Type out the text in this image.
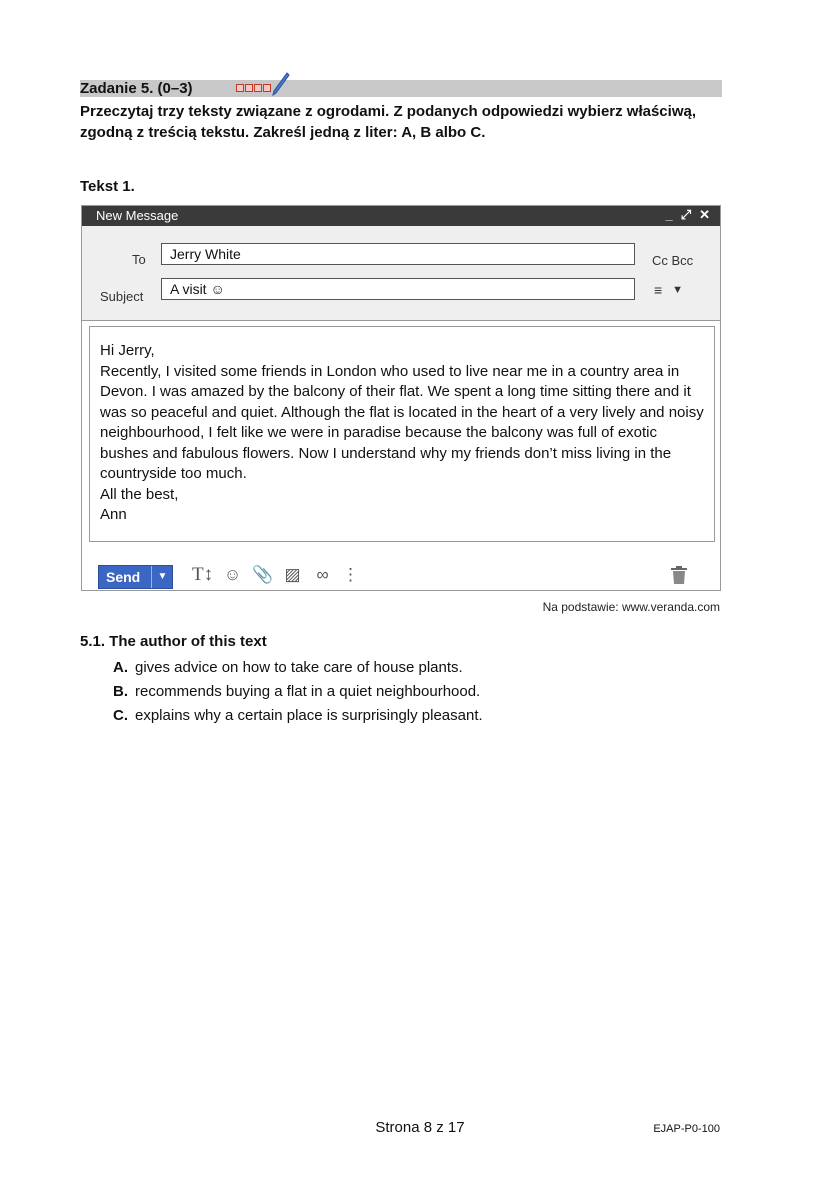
Zadanie 5. (0–3)
Przeczytaj trzy teksty związane z ogrodami. Z podanych odpowiedzi wybierz właściwą, zgodną z treścią tekstu. Zakreśl jedną z liter: A, B albo C.
Tekst 1.
New Message	_ ⤢ ✕
To	Jerry White	Cc Bcc
Subject	A visit ☺	≡ ▼

Hi Jerry,

Recently, I visited some friends in London who used to live near me in a country area in Devon. I was amazed by the balcony of their flat. We spent a long time sitting there and it was so peaceful and quiet. Although the flat is located in the heart of a very lively and noisy neighbourhood, I felt like we were in paradise because the balcony was full of exotic bushes and fabulous flowers. Now I understand why my friends don’t miss living in the countryside too much.

All the best,

Ann

Send	▼ T↕ ☺ 📎 ▨ ∞ ⋮
Na podstawie: www.veranda.com
5.1. The author of this text
A. gives advice on how to take care of house plants.
B. recommends buying a flat in a quiet neighbourhood.
C. explains why a certain place is surprisingly pleasant.
Strona 8 z 17	EJAP-P0-100
